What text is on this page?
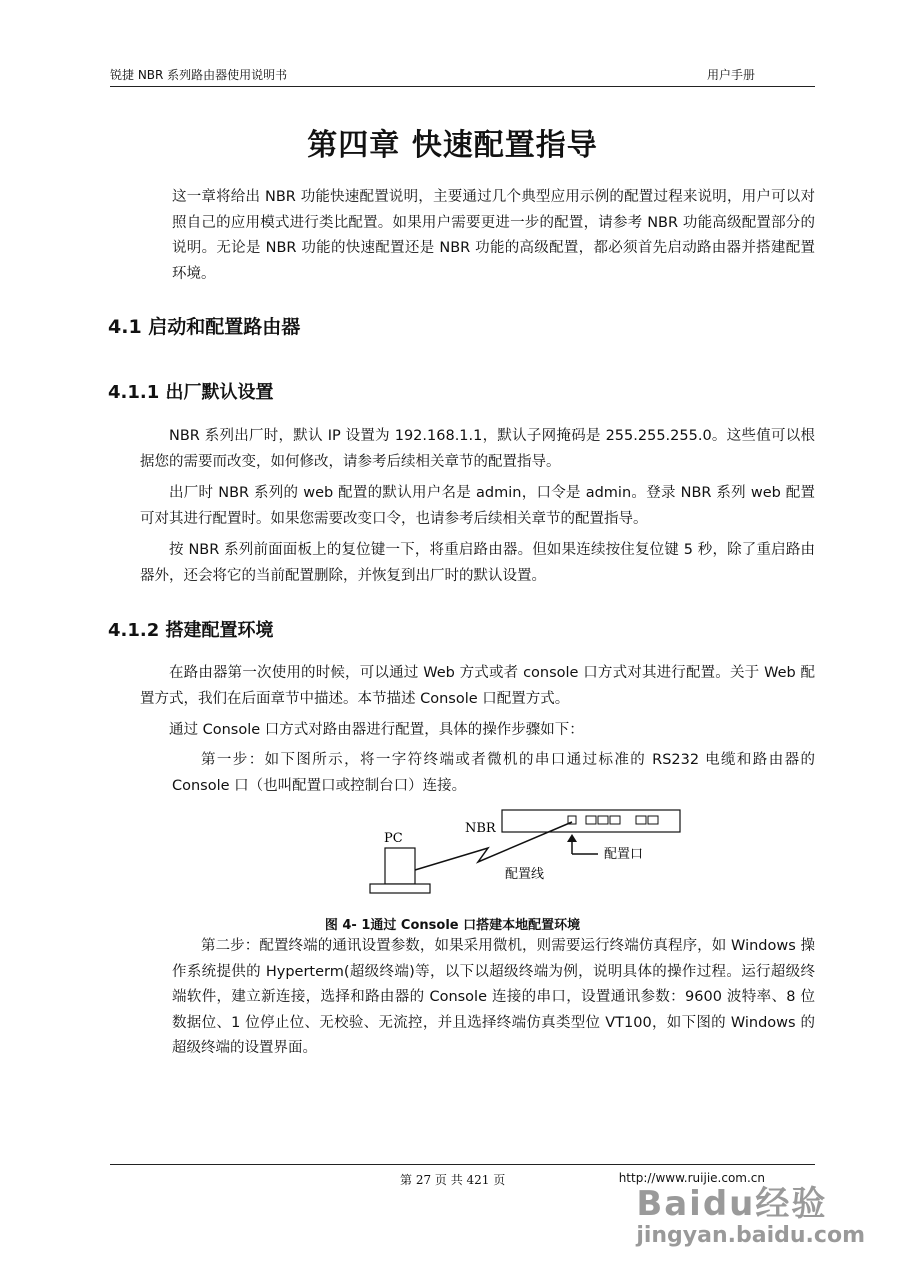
锐捷 NBR 系列路由器使用说明书	用户手册
第四章 快速配置指导
这一章将给出 NBR 功能快速配置说明，主要通过几个典型应用示例的配置过程来说明，用户可以对照自己的应用模式进行类比配置。如果用户需要更进一步的配置，请参考 NBR 功能高级配置部分的说明。无论是 NBR 功能的快速配置还是 NBR 功能的高级配置，都必须首先启动路由器并搭建配置环境。
4.1 启动和配置路由器
4.1.1 出厂默认设置
NBR 系列出厂时，默认 IP 设置为 192.168.1.1，默认子网掩码是 255.255.255.0。这些值可以根据您的需要而改变，如何修改，请参考后续相关章节的配置指导。
出厂时 NBR 系列的 web 配置的默认用户名是 admin，口令是 admin。登录 NBR 系列 web 配置可对其进行配置时。如果您需要改变口令，也请参考后续相关章节的配置指导。
按 NBR 系列前面面板上的复位键一下，将重启路由器。但如果连续按住复位键 5 秒，除了重启路由器外，还会将它的当前配置删除，并恢复到出厂时的默认设置。
4.1.2 搭建配置环境
在路由器第一次使用的时候，可以通过 Web 方式或者 console 口方式对其进行配置。关于 Web 配置方式，我们在后面章节中描述。本节描述 Console 口配置方式。
通过 Console 口方式对路由器进行配置，具体的操作步骤如下：
第一步：如下图所示，将一字符终端或者微机的串口通过标准的 RS232 电缆和路由器的 Console 口（也叫配置口或控制台口）连接。
NBR
PC
配置口
配置线
图 4- 1通过 Console 口搭建本地配置环境
第二步：配置终端的通讯设置参数，如果采用微机，则需要运行终端仿真程序，如 Windows 操作系统提供的 Hyperterm(超级终端)等，以下以超级终端为例，说明具体的操作过程。运行超级终端软件，建立新连接，选择和路由器的 Console 连接的串口，设置通讯参数：9600 波特率、8 位数据位、1 位停止位、无校验、无流控，并且选择终端仿真类型位 VT100，如下图的 Windows 的超级终端的设置界面。
第 27 页 共 421 页	http://www.ruijie.com.cn
Baidu经验
jingyan.baidu.com
